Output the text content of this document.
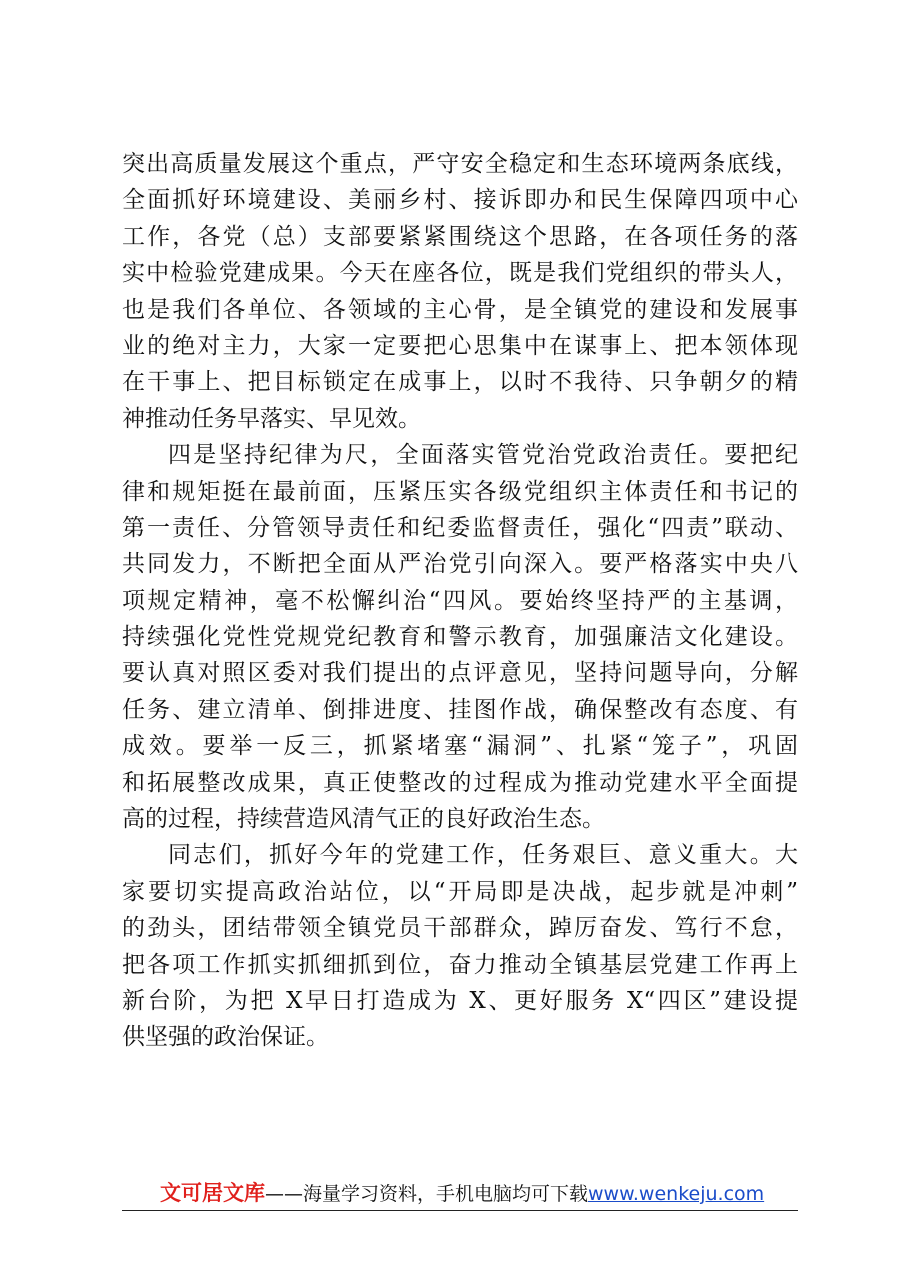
突出高质量发展这个重点，严守安全稳定和生态环境两条底线，
全面抓好环境建设、美丽乡村、接诉即办和民生保障四项中心
工作，各党（总）支部要紧紧围绕这个思路，在各项任务的落
实中检验党建成果。今天在座各位，既是我们党组织的带头人，
也是我们各单位、各领域的主心骨，是全镇党的建设和发展事
业的绝对主力，大家一定要把心思集中在谋事上、把本领体现
在干事上、把目标锁定在成事上，以时不我待、只争朝夕的精
神推动任务早落实、早见效。
四是坚持纪律为尺，全面落实管党治党政治责任。要把纪
律和规矩挺在最前面，压紧压实各级党组织主体责任和书记的
第一责任、分管领导责任和纪委监督责任，强化“四责”联动、
共同发力，不断把全面从严治党引向深入。要严格落实中央八
项规定精神，毫不松懈纠治“四风。要始终坚持严的主基调，
持续强化党性党规党纪教育和警示教育，加强廉洁文化建设。
要认真对照区委对我们提出的点评意见，坚持问题导向，分解
任务、建立清单、倒排进度、挂图作战，确保整改有态度、有
成效。要举一反三，抓紧堵塞“漏洞”、扎紧“笼子”，巩固
和拓展整改成果，真正使整改的过程成为推动党建水平全面提
高的过程，持续营造风清气正的良好政治生态。
同志们，抓好今年的党建工作，任务艰巨、意义重大。大
家要切实提高政治站位，以“开局即是决战，起步就是冲刺”
的劲头，团结带领全镇党员干部群众，踔厉奋发、笃行不怠，
把各项工作抓实抓细抓到位，奋力推动全镇基层党建工作再上
新台阶，为把 X早日打造成为 X、更好服务 X“四区”建设提
供坚强的政治保证。
文可居文库——海量学习资料，手机电脑均可下载www.wenkeju.com
